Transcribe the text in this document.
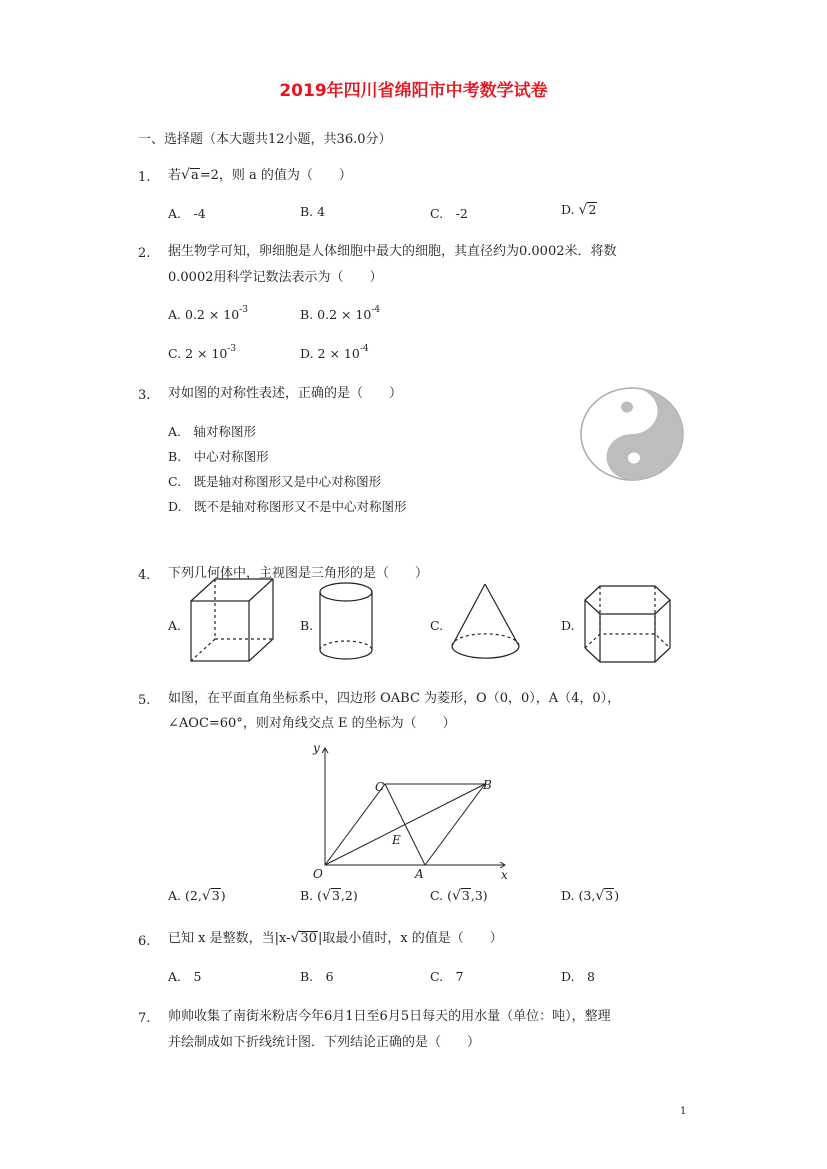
2019年四川省绵阳市中考数学试卷
一、选择题（本大题共12小题，共36.0分）
1. 若√a=2，则 a 的值为（　　）
A.　-4	B. 4	C.　-2	D. √2
2. 据生物学可知，卵细胞是人体细胞中最大的细胞，其直径约为0.0002米．将数
0.0002用科学记数法表示为（　　）
A. $0.2 \times 10^{-3}$	B. $0.2 \times 10^{-4}$
C. $2 \times 10^{-3}$	D. $2 \times 10^{-4}$
3. 对如图的对称性表述，正确的是（　　）
A.　轴对称图形
B.　中心对称图形
C.　既是轴对称图形又是中心对称图形
D.　既不是轴对称图形又不是中心对称图形
4. 下列几何体中，主视图是三角形的是（　　）
A.	B.	C.	D.
5. 如图，在平面直角坐标系中，四边形 OABC 为菱形，O（0，0），A（4，0），
∠AOC=60°，则对角线交点 E 的坐标为（　　）
y
x
O	A
B
C
E
A. (2,√3)	B. (√3,2)	C. (√3,3)	D. (3,√3)
6. 已知 x 是整数，当|x-√30|取最小值时，x 的值是（　　）
A.　5	B.　6	C.　7	D.　8
7. 帅帅收集了南街米粉店今年6月1日至6月5日每天的用水量（单位：吨），整理
并绘制成如下折线统计图．下列结论正确的是（　　）
1
